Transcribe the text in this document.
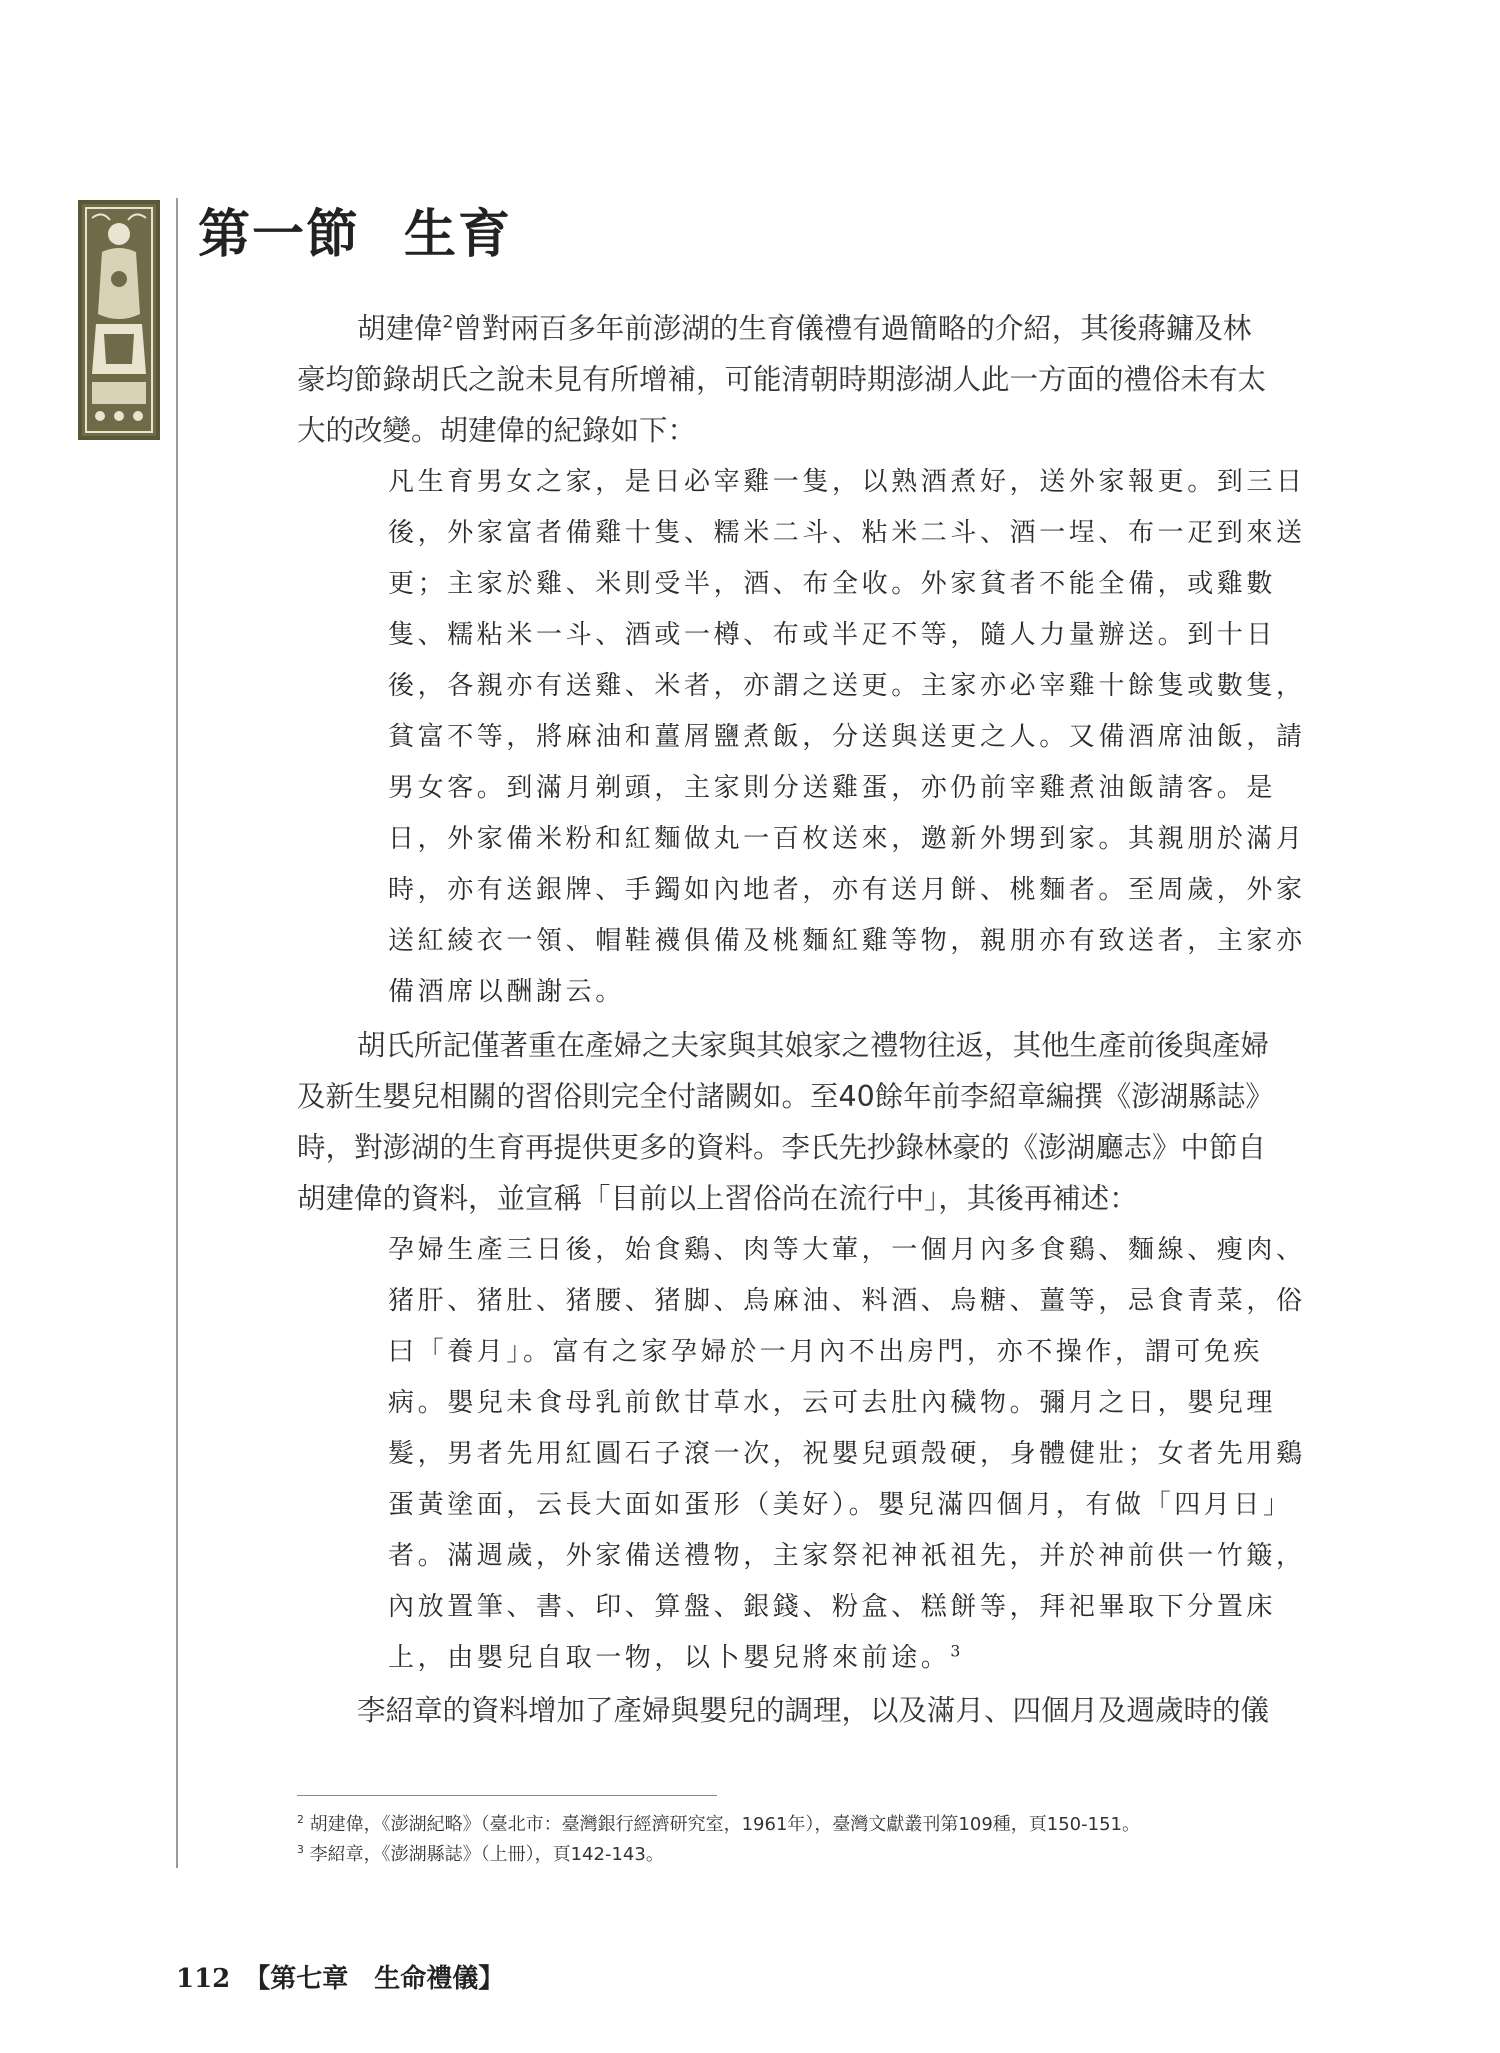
第一節 生育
胡建偉$^2$曾對兩百多年前澎湖的生育儀禮有過簡略的介紹，其後蔣鏞及林
豪均節錄胡氏之說未見有所增補，可能清朝時期澎湖人此一方面的禮俗未有太
大的改變。胡建偉的紀錄如下：
凡生育男女之家，是日必宰雞一隻，以熟酒煮好，送外家報更。到三日
後，外家富者備雞十隻、糯米二斗、粘米二斗、酒一埕、布一疋到來送
更；主家於雞、米則受半，酒、布全收。外家貧者不能全備，或雞數
隻、糯粘米一斗、酒或一樽、布或半疋不等，隨人力量辦送。到十日
後，各親亦有送雞、米者，亦謂之送更。主家亦必宰雞十餘隻或數隻，
貧富不等，將麻油和薑屑鹽煮飯，分送與送更之人。又備酒席油飯，請
男女客。到滿月剃頭，主家則分送雞蛋，亦仍前宰雞煮油飯請客。是
日，外家備米粉和紅麵做丸一百枚送來，邀新外甥到家。其親朋於滿月
時，亦有送銀牌、手鐲如內地者，亦有送月餅、桃麵者。至周歲，外家
送紅綾衣一領、帽鞋襪俱備及桃麵紅雞等物，親朋亦有致送者，主家亦
備酒席以酬謝云。
胡氏所記僅著重在產婦之夫家與其娘家之禮物往返，其他生產前後與產婦
及新生嬰兒相關的習俗則完全付諸闕如。至40餘年前李紹章編撰《澎湖縣誌》
時，對澎湖的生育再提供更多的資料。李氏先抄錄林豪的《澎湖廳志》中節自
胡建偉的資料，並宣稱「目前以上習俗尚在流行中」，其後再補述：
孕婦生產三日後，始食鷄、肉等大葷，一個月內多食鷄、麵線、瘦肉、
猪肝、猪肚、猪腰、猪脚、烏麻油、料酒、烏糖、薑等，忌食青菜，俗
曰「養月」。富有之家孕婦於一月內不出房門，亦不操作，謂可免疾
病。嬰兒未食母乳前飲甘草水，云可去肚內穢物。彌月之日，嬰兒理
髮，男者先用紅圓石子滾一次，祝嬰兒頭殼硬，身體健壯；女者先用鷄
蛋黃塗面，云長大面如蛋形（美好）。嬰兒滿四個月，有做「四月日」
者。滿週歲，外家備送禮物，主家祭祀神祇祖先，并於神前供一竹簸，
內放置筆、書、印、算盤、銀錢、粉盒、糕餅等，拜祀畢取下分置床
上，由嬰兒自取一物，以卜嬰兒將來前途。$^3$
李紹章的資料增加了產婦與嬰兒的調理，以及滿月、四個月及週歲時的儀
$^2$ 胡建偉，《澎湖紀略》（臺北市：臺灣銀行經濟研究室，1961年），臺灣文獻叢刊第109種，頁150-151。
$^3$ 李紹章，《澎湖縣誌》（上冊），頁142-143。
112 【第七章　生命禮儀】
